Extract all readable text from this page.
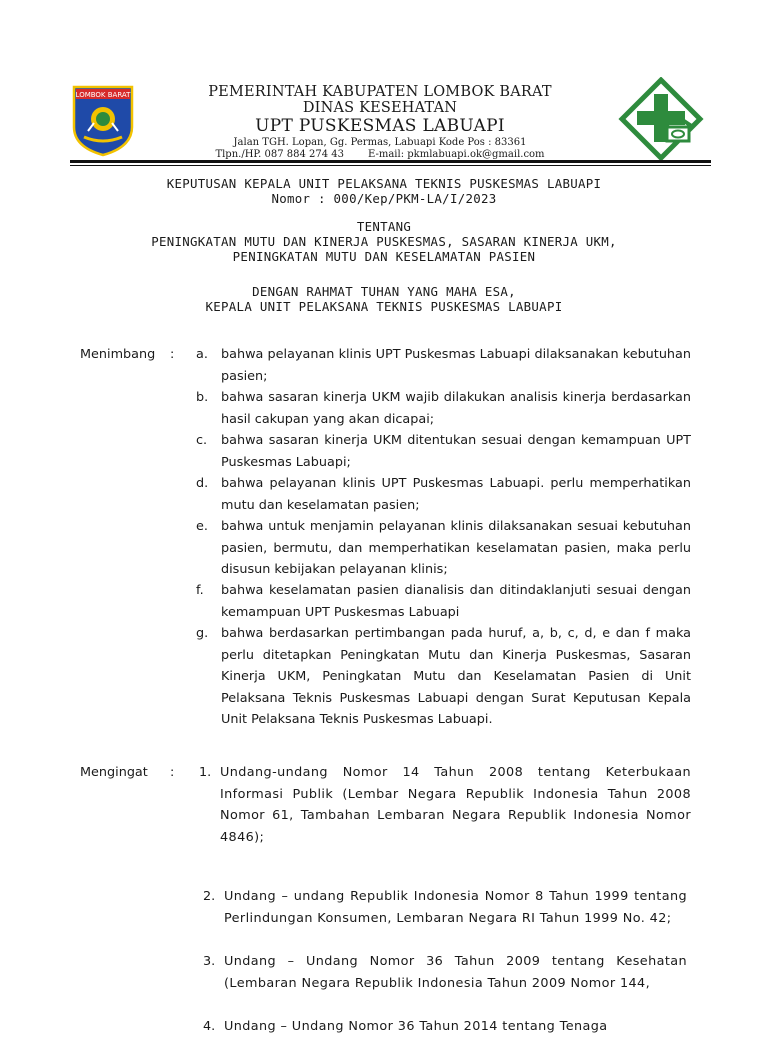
LOMBOK BARAT	PEMERINTAH KABUPATEN LOMBOK BARAT
DINAS KESEHATAN
UPT PUSKESMAS LABUAPI
Jalan TGH. Lopan, Gg. Permas, Labuapi Kode Pos : 83361
Tlpn./HP. 087 884 274 43 E-mail: pkmlabuapi.ok@gmail.com
KEPUTUSAN KEPALA UNIT PELAKSANA TEKNIS PUSKESMAS LABUAPI
Nomor : 000/Kep/PKM-LA/I/2023
TENTANG
PENINGKATAN MUTU DAN KINERJA PUSKESMAS, SASARAN KINERJA UKM,
PENINGKATAN MUTU DAN KESELAMATAN PASIEN
DENGAN RAHMAT TUHAN YANG MAHA ESA,
KEPALA UNIT PELAKSANA TEKNIS PUSKESMAS LABUAPI
Menimbang : a.	bahwa pelayanan klinis UPT Puskesmas Labuapi dilaksanakan kebutuhan pasien;
b. bahwa sasaran kinerja UKM wajib dilakukan analisis kinerja berdasarkan hasil cakupan yang akan dicapai;
c.	bahwa sasaran kinerja UKM ditentukan sesuai dengan kemampuan UPT Puskesmas Labuapi;
d. bahwa pelayanan klinis UPT Puskesmas Labuapi. perlu memperhatikan mutu dan keselamatan pasien;
e.	bahwa untuk menjamin pelayanan klinis dilaksanakan sesuai kebutuhan pasien, bermutu, dan memperhatikan keselamatan pasien, maka perlu disusun kebijakan pelayanan klinis;
f.	bahwa keselamatan pasien dianalisis dan ditindaklanjuti sesuai dengan kemampuan UPT Puskesmas Labuapi
g. bahwa berdasarkan pertimbangan pada huruf, a, b, c, d, e dan f maka perlu ditetapkan Peningkatan Mutu dan Kinerja Puskesmas, Sasaran Kinerja UKM, Peningkatan Mutu dan Keselamatan Pasien di Unit Pelaksana Teknis Puskesmas Labuapi dengan Surat Keputusan Kepala Unit Pelaksana Teknis Puskesmas Labuapi.
Mengingat : 1. Undang-undang Nomor 14 Tahun 2008 tentang Keterbukaan Informasi Publik (Lembar Negara Republik Indonesia Tahun 2008 Nomor 61, Tambahan Lembaran Negara Republik Indonesia Nomor 4846);
2. Undang – undang Republik Indonesia Nomor 8 Tahun 1999 tentang Perlindungan Konsumen, Lembaran Negara RI Tahun 1999 No. 42;
3. Undang – Undang Nomor 36 Tahun 2009 tentang Kesehatan (Lembaran Negara Republik Indonesia Tahun 2009 Nomor 144,
4. Undang – Undang Nomor 36 Tahun 2014 tentang Tenaga
